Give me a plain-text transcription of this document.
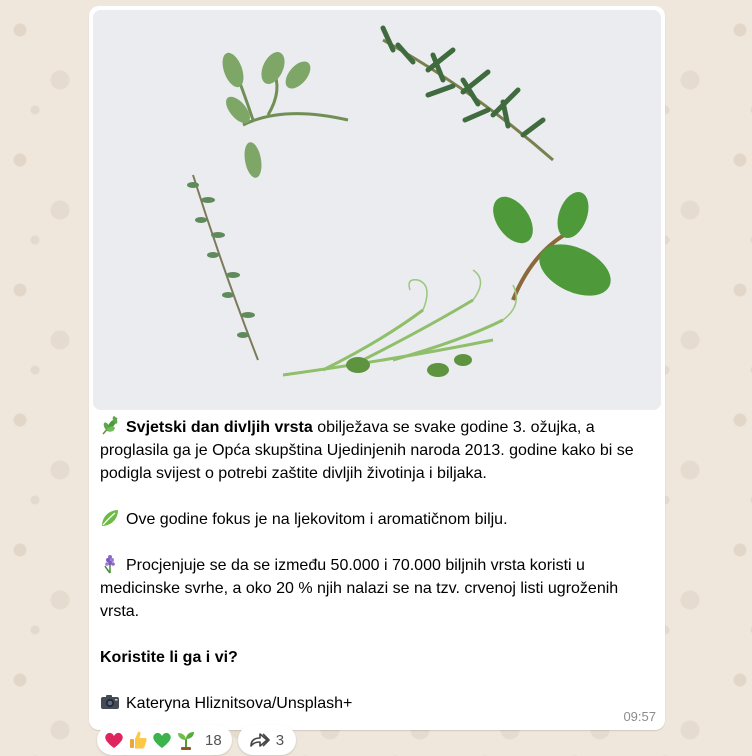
Svjetski dan divljih vrsta obilježava se svake godine 3. ožujka, a proglasila ga je Opća skupština Ujedinjenih naroda 2013. godine kako bi se podigla svijest o potrebi zaštite divljih životinja i biljaka.

Ove godine fokus je na ljekovitom i aromatičnom bilju.

Procjenjuje se da se između 50.000 i 70.000 biljnih vrsta koristi u medicinske svrhe, a oko 20 % njih nalazi se na tzv. crvenoj listi ugroženih vrsta.

Koristite li ga i vi?

Kateryna Hliznitsova/Unsplash+

09:57
18	3
